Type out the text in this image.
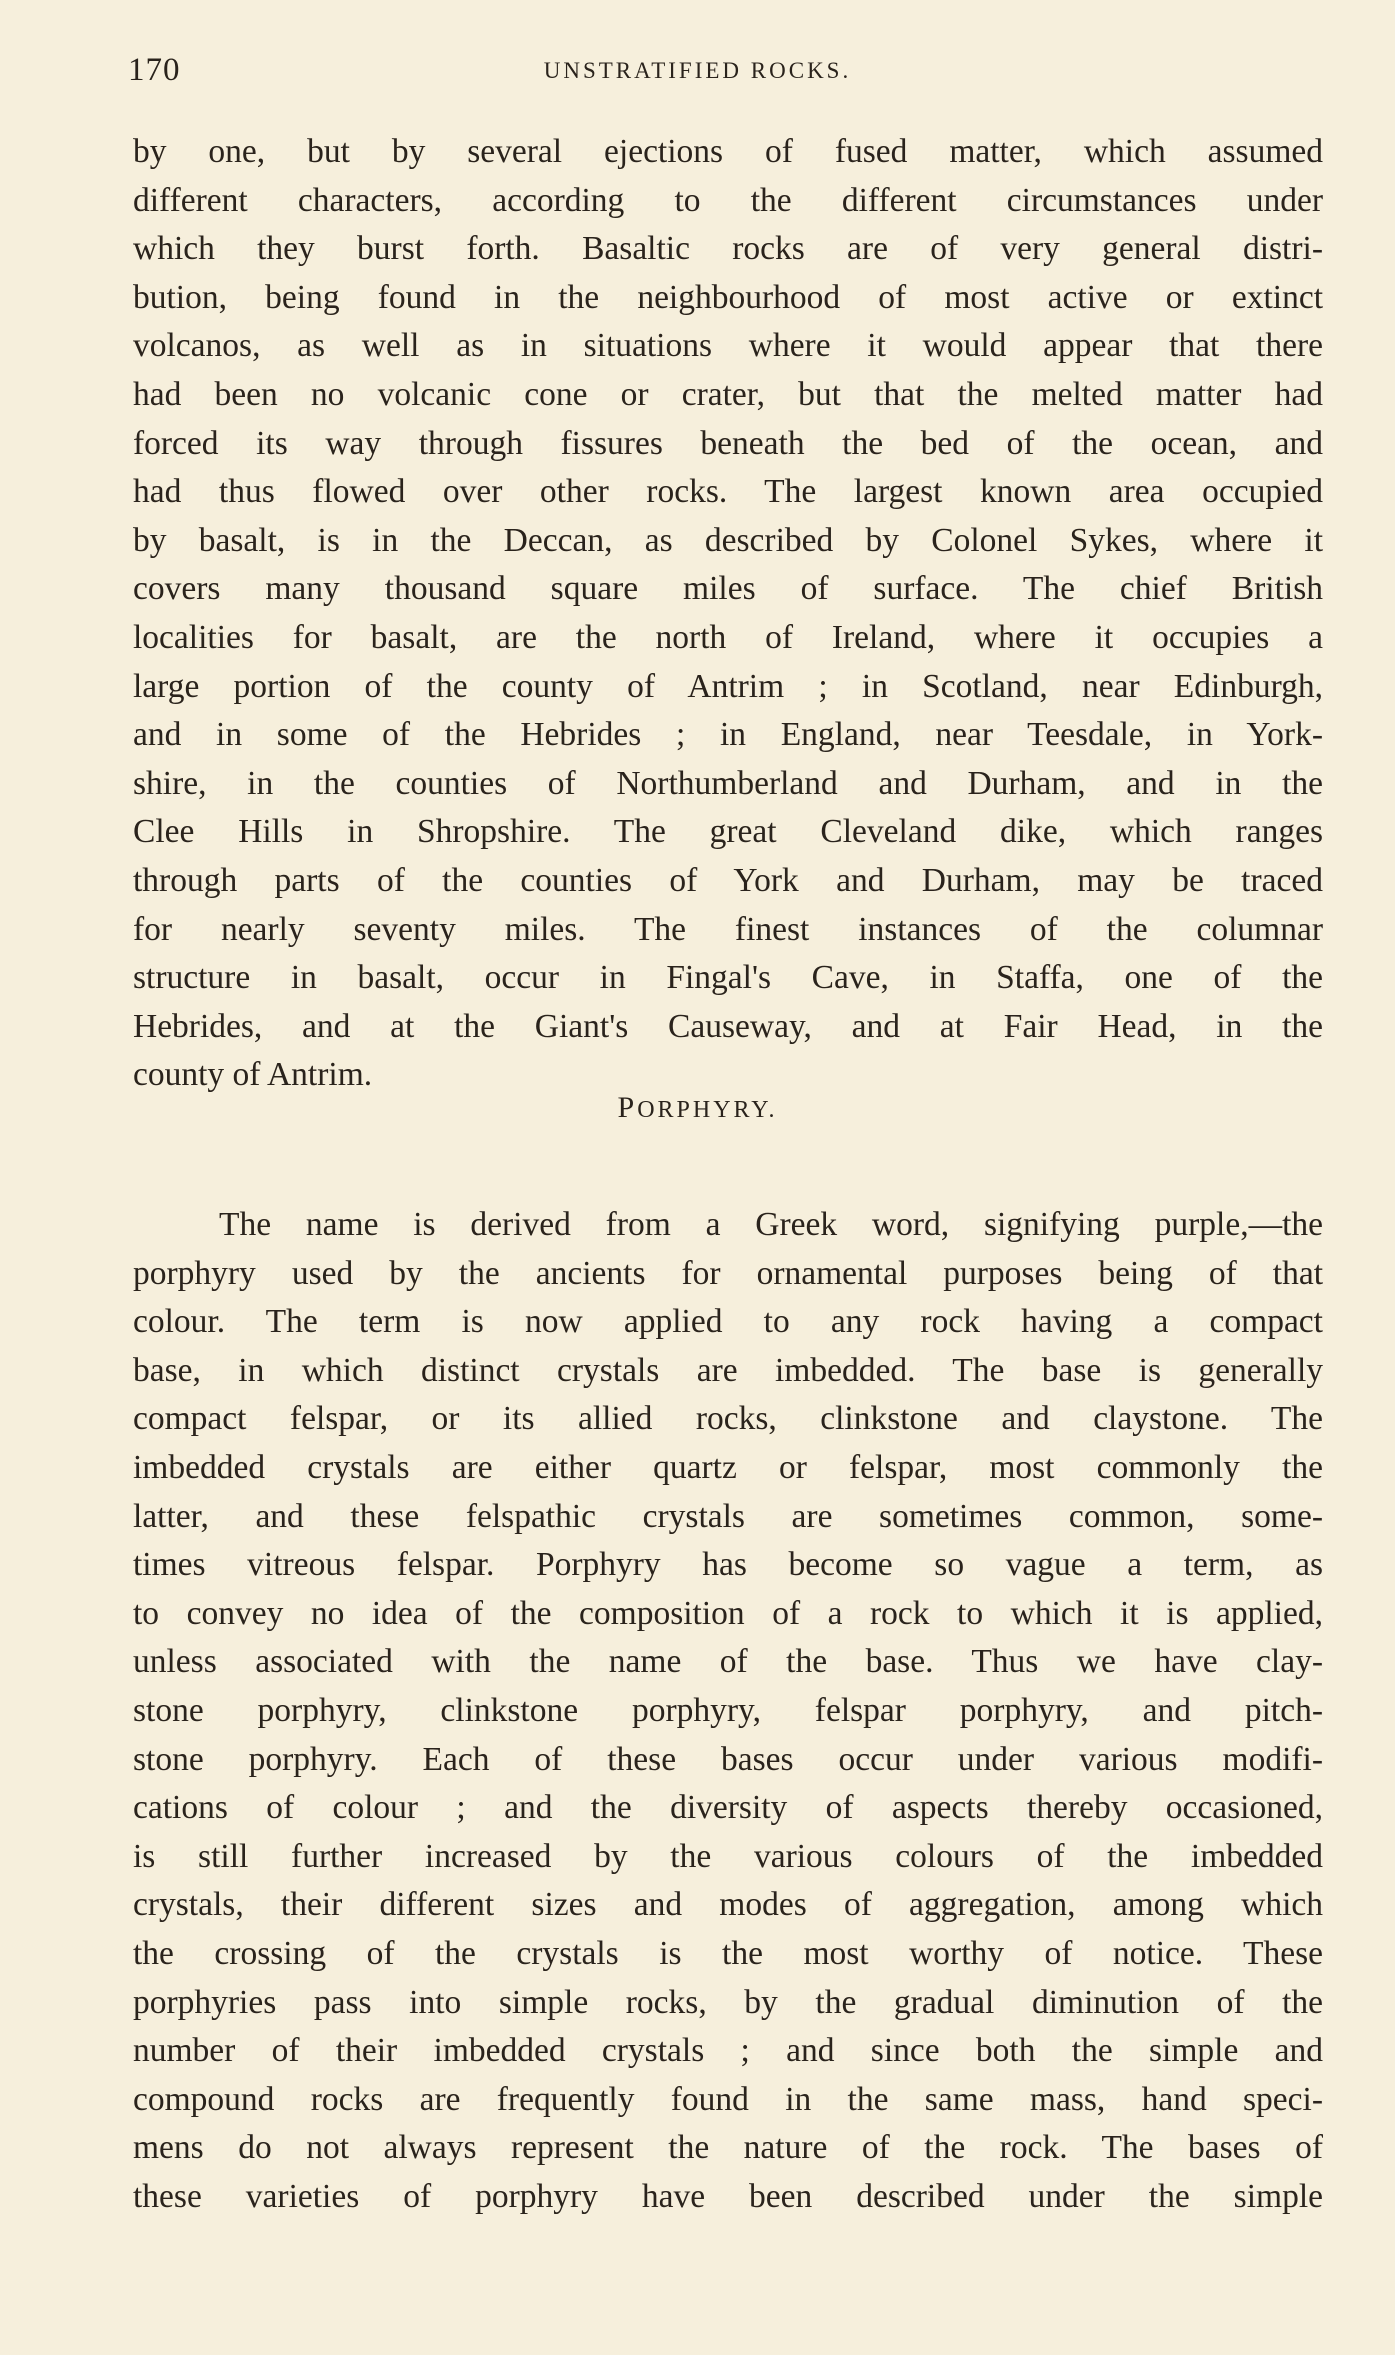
170	UNSTRATIFIED ROCKS.
by one, but by several ejections of fused matter, which assumed
different characters, according to the different circumstances under
which they burst forth. Basaltic rocks are of very general distri-
bution, being found in the neighbourhood of most active or extinct
volcanos, as well as in situations where it would appear that there
had been no volcanic cone or crater, but that the melted matter had
forced its way through fissures beneath the bed of the ocean, and
had thus flowed over other rocks. The largest known area occupied
by basalt, is in the Deccan, as described by Colonel Sykes, where it
covers many thousand square miles of surface. The chief British
localities for basalt, are the north of Ireland, where it occupies a
large portion of the county of Antrim ; in Scotland, near Edinburgh,
and in some of the Hebrides ; in England, near Teesdale, in York-
shire, in the counties of Northumberland and Durham, and in the
Clee Hills in Shropshire. The great Cleveland dike, which ranges
through parts of the counties of York and Durham, may be traced
for nearly seventy miles. The finest instances of the columnar
structure in basalt, occur in Fingal's Cave, in Staffa, one of the
Hebrides, and at the Giant's Causeway, and at Fair Head, in the
county of Antrim.
PORPHYRY.
The name is derived from a Greek word, signifying purple,—the
porphyry used by the ancients for ornamental purposes being of that
colour. The term is now applied to any rock having a compact
base, in which distinct crystals are imbedded. The base is generally
compact felspar, or its allied rocks, clinkstone and claystone. The
imbedded crystals are either quartz or felspar, most commonly the
latter, and these felspathic crystals are sometimes common, some-
times vitreous felspar. Porphyry has become so vague a term, as
to convey no idea of the composition of a rock to which it is applied,
unless associated with the name of the base. Thus we have clay-
stone porphyry, clinkstone porphyry, felspar porphyry, and pitch-
stone porphyry. Each of these bases occur under various modifi-
cations of colour ; and the diversity of aspects thereby occasioned,
is still further increased by the various colours of the imbedded
crystals, their different sizes and modes of aggregation, among which
the crossing of the crystals is the most worthy of notice. These
porphyries pass into simple rocks, by the gradual diminution of the
number of their imbedded crystals ; and since both the simple and
compound rocks are frequently found in the same mass, hand speci-
mens do not always represent the nature of the rock. The bases of
these varieties of porphyry have been described under the simple
